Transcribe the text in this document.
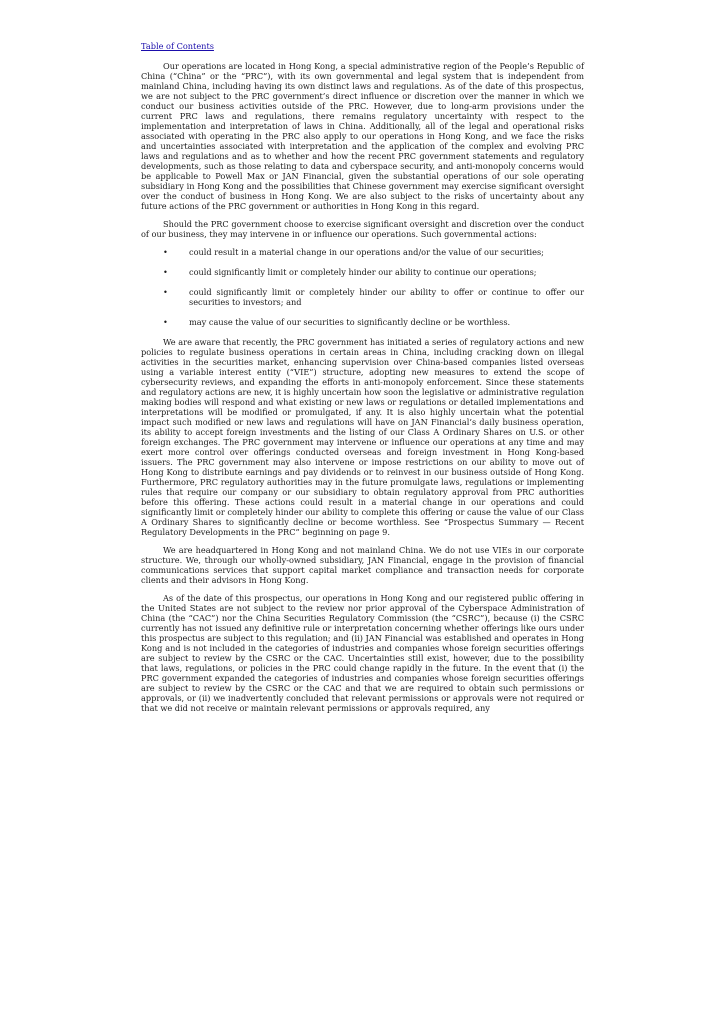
Table of Contents

Our operations are located in Hong Kong, a special administrative region of the People’s Republic of China (“China” or the “PRC”), with its own governmental and legal system that is independent from mainland China, including having its own distinct laws and regulations. As of the date of this prospectus, we are not subject to the PRC government’s direct influence or discretion over the manner in which we conduct our business activities outside of the PRC. However, due to long-arm provisions under the current PRC laws and regulations, there remains regulatory uncertainty with respect to the implementation and interpretation of laws in China. Additionally, all of the legal and operational risks associated with operating in the PRC also apply to our operations in Hong Kong, and we face the risks and uncertainties associated with interpretation and the application of the complex and evolving PRC laws and regulations and as to whether and how the recent PRC government statements and regulatory developments, such as those relating to data and cyberspace security, and anti-monopoly concerns would be applicable to Powell Max or JAN Financial, given the substantial operations of our sole operating subsidiary in Hong Kong and the possibilities that Chinese government may exercise significant oversight over the conduct of business in Hong Kong. We are also subject to the risks of uncertainty about any future actions of the PRC government or authorities in Hong Kong in this regard.

Should the PRC government choose to exercise significant oversight and discretion over the conduct of our business, they may intervene in or influence our operations. Such governmental actions:

•	could result in a material change in our operations and/or the value of our securities;
•	could significantly limit or completely hinder our ability to continue our operations;
•	could significantly limit or completely hinder our ability to offer or continue to offer our securities to investors; and
•	may cause the value of our securities to significantly decline or be worthless.

We are aware that recently, the PRC government has initiated a series of regulatory actions and new policies to regulate business operations in certain areas in China, including cracking down on illegal activities in the securities market, enhancing supervision over China-based companies listed overseas using a variable interest entity (“VIE”) structure, adopting new measures to extend the scope of cybersecurity reviews, and expanding the efforts in anti-monopoly enforcement. Since these statements and regulatory actions are new, it is highly uncertain how soon the legislative or administrative regulation making bodies will respond and what existing or new laws or regulations or detailed implementations and interpretations will be modified or promulgated, if any. It is also highly uncertain what the potential impact such modified or new laws and regulations will have on JAN Financial’s daily business operation, its ability to accept foreign investments and the listing of our Class A Ordinary Shares on U.S. or other foreign exchanges. The PRC government may intervene or influence our operations at any time and may exert more control over offerings conducted overseas and foreign investment in Hong Kong-based issuers. The PRC government may also intervene or impose restrictions on our ability to move out of Hong Kong to distribute earnings and pay dividends or to reinvest in our business outside of Hong Kong. Furthermore, PRC regulatory authorities may in the future promulgate laws, regulations or implementing rules that require our company or our subsidiary to obtain regulatory approval from PRC authorities before this offering. These actions could result in a material change in our operations and could significantly limit or completely hinder our ability to complete this offering or cause the value of our Class A Ordinary Shares to significantly decline or become worthless. See “Prospectus Summary — Recent Regulatory Developments in the PRC” beginning on page 9.

We are headquartered in Hong Kong and not mainland China. We do not use VIEs in our corporate structure. We, through our wholly-owned subsidiary, JAN Financial, engage in the provision of financial communications services that support capital market compliance and transaction needs for corporate clients and their advisors in Hong Kong.

As of the date of this prospectus, our operations in Hong Kong and our registered public offering in the United States are not subject to the review nor prior approval of the Cyberspace Administration of China (the “CAC”) nor the China Securities Regulatory Commission (the “CSRC”), because (i) the CSRC currently has not issued any definitive rule or interpretation concerning whether offerings like ours under this prospectus are subject to this regulation; and (ii) JAN Financial was established and operates in Hong Kong and is not included in the categories of industries and companies whose foreign securities offerings are subject to review by the CSRC or the CAC. Uncertainties still exist, however, due to the possibility that laws, regulations, or policies in the PRC could change rapidly in the future. In the event that (i) the PRC government expanded the categories of industries and companies whose foreign securities offerings are subject to review by the CSRC or the CAC and that we are required to obtain such permissions or approvals, or (ii) we inadvertently concluded that relevant permissions or approvals were not required or that we did not receive or maintain relevant permissions or approvals required, any
